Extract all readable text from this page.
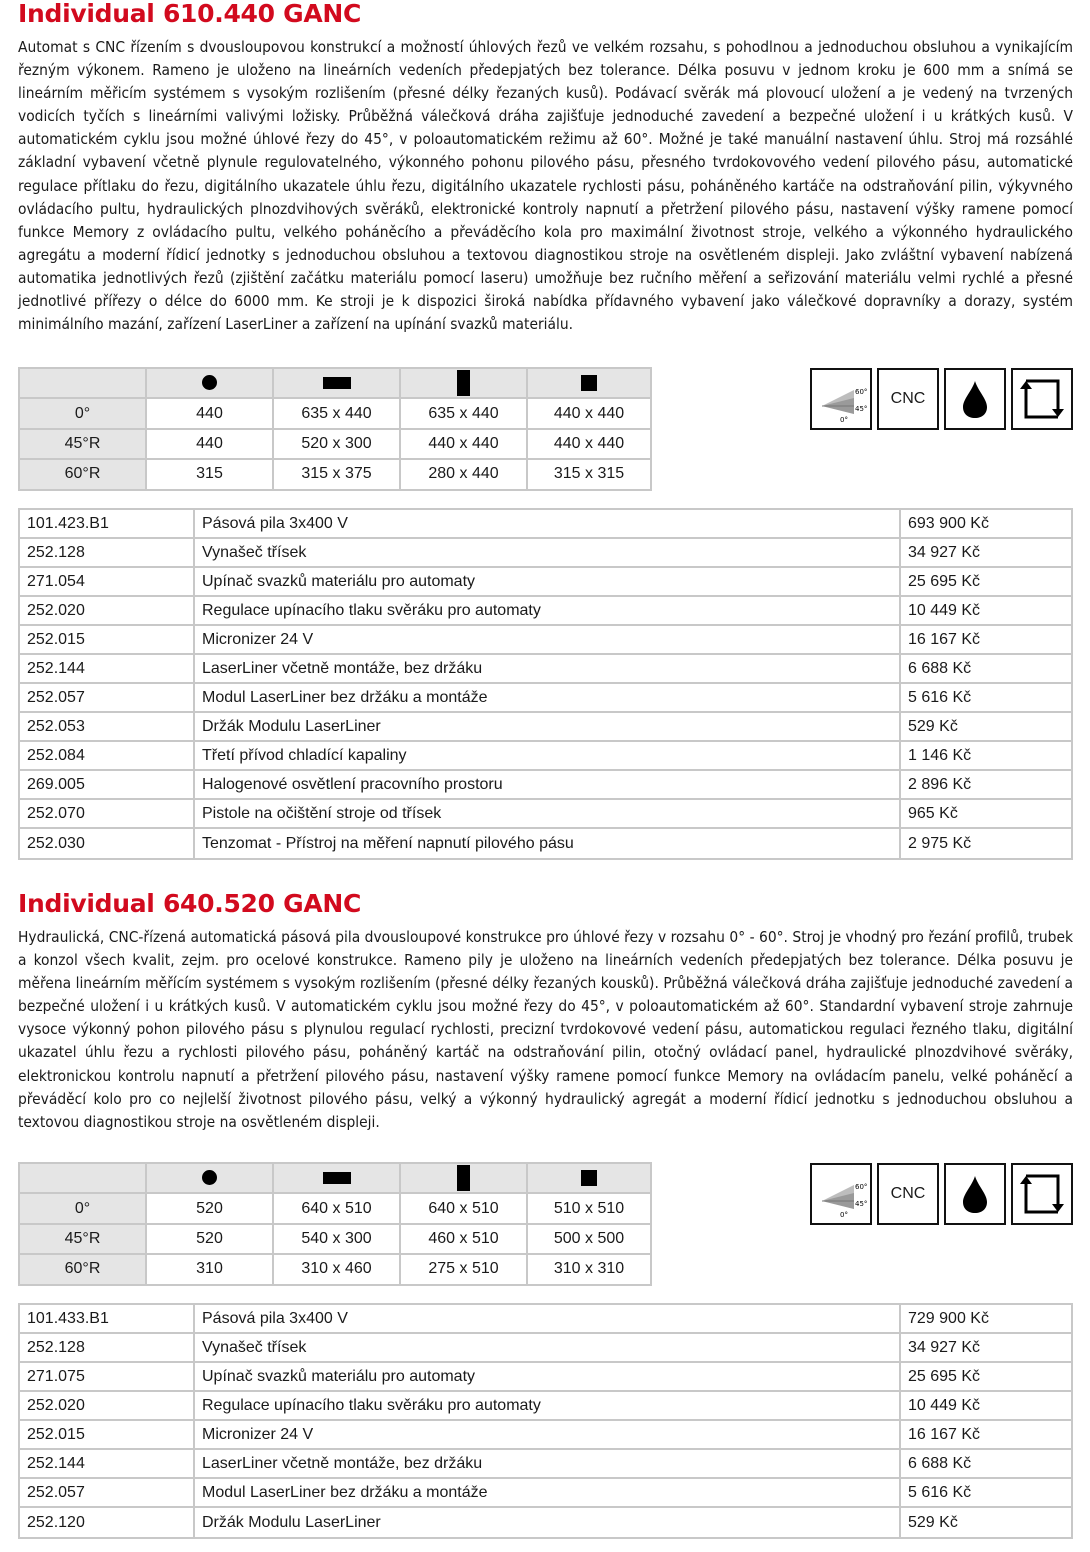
Individual 610.440 GANC

Automat s CNC řízením s dvousloupovou konstrukcí a možností úhlových řezů ve velkém rozsahu, s pohodlnou a jednoduchou obsluhou a vynikajícím řezným výkonem. Rameno je uloženo na lineárních vedeních předepjatých bez tolerance. Délka posuvu v jednom kroku je 600 mm a snímá se lineárním měřicím systémem s vysokým rozlišením (přesné délky řezaných kusů). Podávací svěrák má plovoucí uložení a je vedený na tvrzených vodicích tyčích s lineárními valivými ložisky. Průběžná válečková dráha zajišťuje jednoduché zavedení a bezpečné uložení i u krátkých kusů. V automatickém cyklu jsou možné úhlové řezy do 45°, v poloautomatickém režimu až 60°. Možné je také manuální nastavení úhlu. Stroj má rozsáhlé základní vybavení včetně plynule regulovatelného, výkonného pohonu pilového pásu, přesného tvrdokovového vedení pilového pásu, automatické regulace přítlaku do řezu, digitálního ukazatele úhlu řezu, digitálního ukazatele rychlosti pásu, poháněného kartáče na odstraňování pilin, výkyvného ovládacího pultu, hydraulických plnozdvihových svěráků, elektronické kontroly napnutí a přetržení pilového pásu, nastavení výšky ramene pomocí funkce Memory z ovládacího pultu, velkého poháněcího a převáděcího kola pro maximální životnost stroje, velkého a výkonného hydraulického agregátu a moderní řídicí jednotky s jednoduchou obsluhou a textovou diagnostikou stroje na osvětleném displeji. Jako zvláštní vybavení nabízená automatika jednotlivých řezů (zjištění začátku materiálu pomocí laseru) umožňuje bez ručního měření a seřizování materiálu velmi rychlé a přesné jednotlivé přířezy o délce do 6000 mm. Ke stroji je k dispozici široká nabídka přídavného vybavení jako válečkové dopravníky a dorazy, systém minimálního mazání, zařízení LaserLiner a zařízení na upínání svazků materiálu.

0°	440	635 x 440	635 x 440	440 x 440
45°R	440	520 x 300	440 x 440	440 x 440
60°R	315	315 x 375	280 x 440	315 x 315
60°
45°
0°
CNC
101.423.B1	Pásová pila 3x400 V	693 900 Kč
252.128	Vynašeč třísek	34 927 Kč
271.054	Upínač svazků materiálu pro automaty	25 695 Kč
252.020	Regulace upínacího tlaku svěráku pro automaty	10 449 Kč
252.015	Micronizer 24 V	16 167 Kč
252.144	LaserLiner včetně montáže, bez držáku	6 688 Kč
252.057	Modul LaserLiner bez držáku a montáže	5 616 Kč
252.053	Držák Modulu LaserLiner	529 Kč
252.084	Třetí přívod chladící kapaliny	1 146 Kč
269.005	Halogenové osvětlení pracovního prostoru	2 896 Kč
252.070	Pistole na očištění stroje od třísek	965 Kč
252.030	Tenzomat - Přístroj na měření napnutí pilového pásu	2 975 Kč
Individual 640.520 GANC

Hydraulická, CNC-řízená automatická pásová pila dvousloupové konstrukce pro úhlové řezy v rozsahu 0° - 60°. Stroj je vhodný pro řezání profilů, trubek a konzol všech kvalit, zejm. pro ocelové konstrukce. Rameno pily je uloženo na lineárních vedeních předepjatých bez tolerance. Délka posuvu je měřena lineárním měřícím systémem s vysokým rozlišením (přesné délky řezaných kousků). Průběžná válečková dráha zajišťuje jednoduché zavedení a bezpečné uložení i u krátkých kusů. V automatickém cyklu jsou možné řezy do 45°, v poloautomatickém až 60°. Standardní vybavení stroje zahrnuje vysoce výkonný pohon pilového pásu s plynulou regulací rychlosti, precizní tvrdokovové vedení pásu, automatickou regulaci řezného tlaku, digitální ukazatel úhlu řezu a rychlosti pilového pásu, poháněný kartáč na odstraňování pilin, otočný ovládací panel, hydraulické plnozdvihové svěráky, elektronickou kontrolu napnutí a přetržení pilového pásu, nastavení výšky ramene pomocí funkce Memory na ovládacím panelu, velké poháněcí a převáděcí kolo pro co nejlelší životnost pilového pásu, velký a výkonný hydraulický agregát a moderní řídicí jednotku s jednoduchou obsluhou a textovou diagnostikou stroje na osvětleném displeji.

0°	520	640 x 510	640 x 510	510 x 510
45°R	520	540 x 300	460 x 510	500 x 500
60°R	310	310 x 460	275 x 510	310 x 310
60°
45°
0°
CNC
101.433.B1	Pásová pila 3x400 V	729 900 Kč
252.128	Vynašeč třísek	34 927 Kč
271.075	Upínač svazků materiálu pro automaty	25 695 Kč
252.020	Regulace upínacího tlaku svěráku pro automaty	10 449 Kč
252.015	Micronizer 24 V	16 167 Kč
252.144	LaserLiner včetně montáže, bez držáku	6 688 Kč
252.057	Modul LaserLiner bez držáku a montáže	5 616 Kč
252.120	Držák Modulu LaserLiner	529 Kč
